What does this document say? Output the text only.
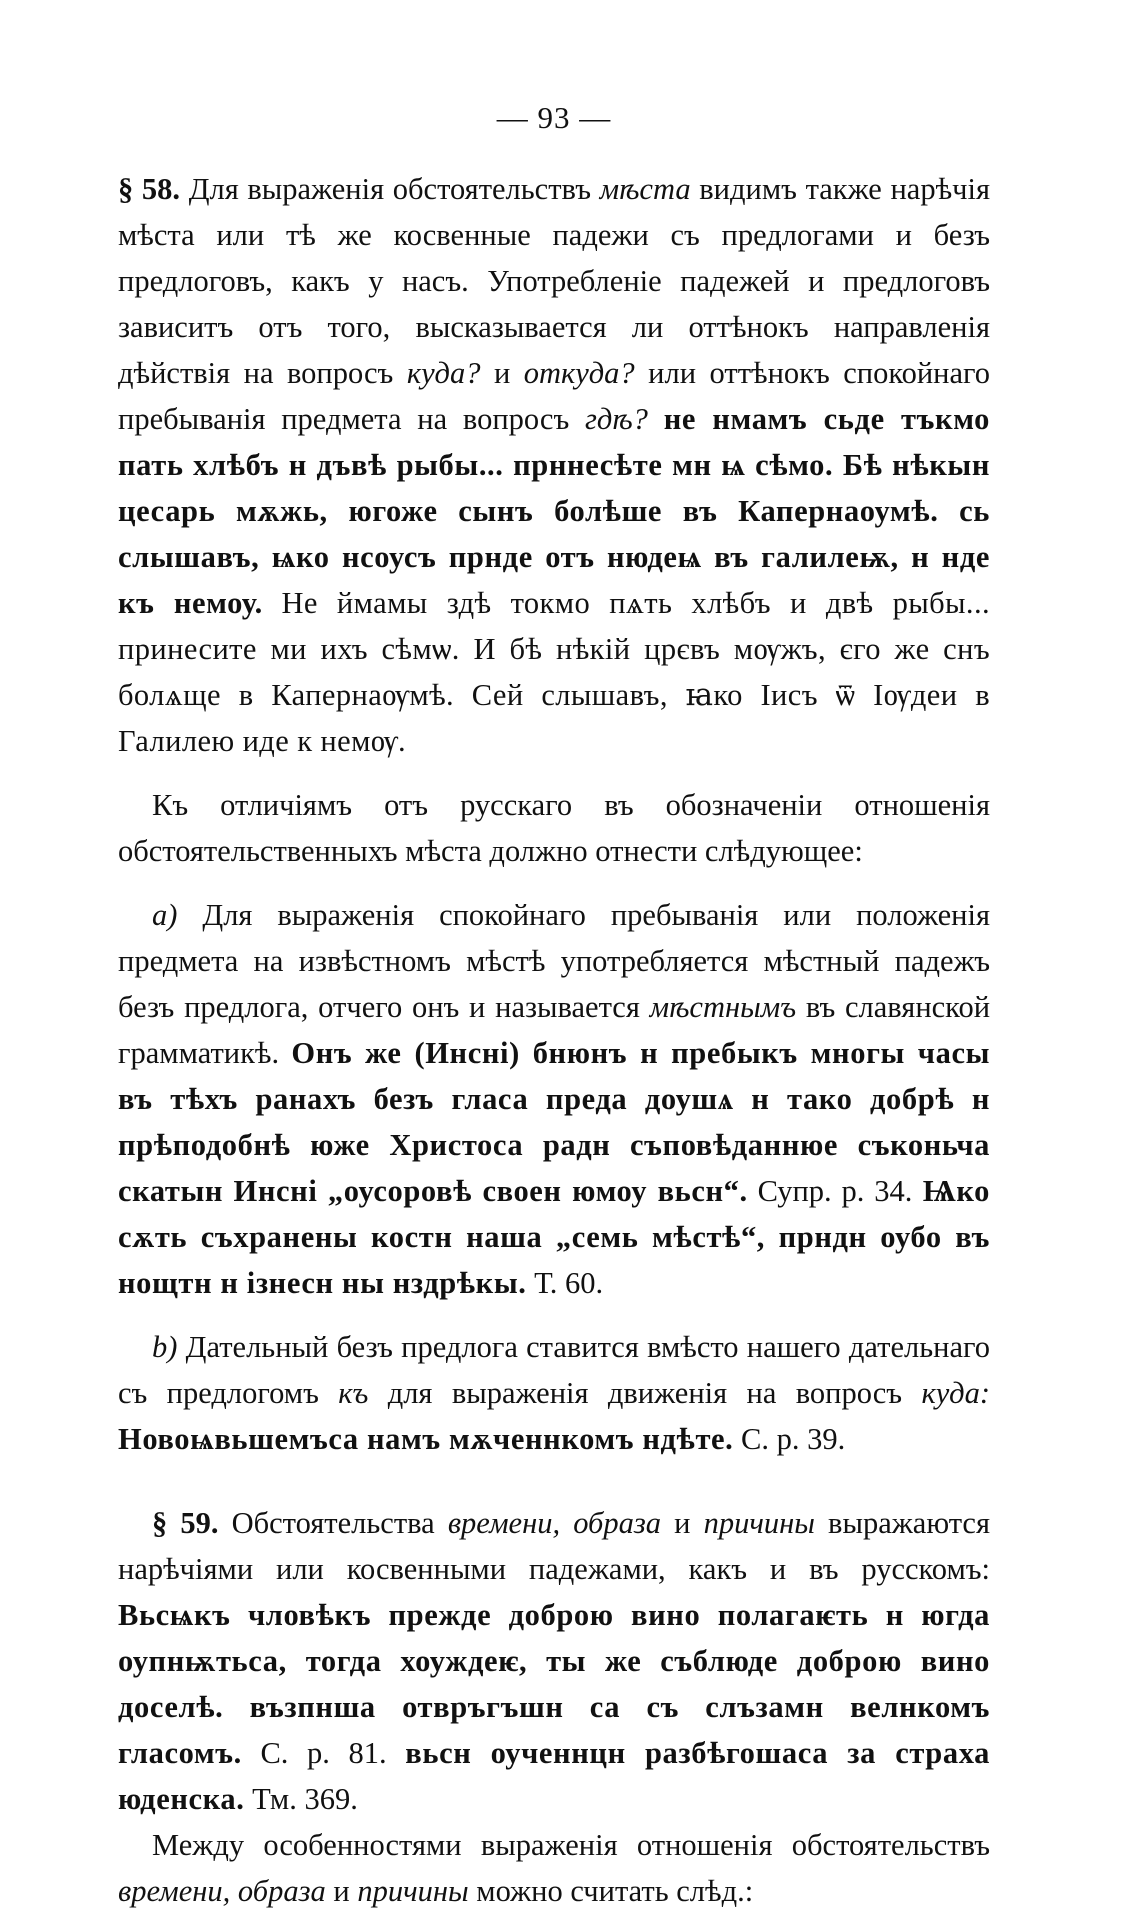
— 93 —

§ 58. Для выраженія обстоятельствъ мѣста видимъ также нарѣчія мѣста или тѣ же косвенные падежи съ предлогами и безъ предлоговъ, какъ у насъ. Употребленіе падежей и предлоговъ зависитъ отъ того, высказывается ли оттѣнокъ направленія дѣйствія на вопросъ куда? и откуда? или оттѣнокъ спокойнаго пребыванія предмета на вопросъ гдѣ? не нмамъ сьде тъкмо пать хлѣбъ н дъвѣ рыбы... прннесѣте мн ѩ сѣмо. Бѣ нѣкын цесарь мѫжь, югоже сынъ болѣше въ Капернаоумѣ. сь слышавъ, ѩко нсоусъ прнде отъ нюдеѩ въ галилеѭ, н нде къ немоу. Не ймамы здѣ токмо пѧть хлѣбъ и двѣ рыбы... принесите ми ихъ сѣмѡ. И бѣ нѣкій црєвъ мѹжъ, єго же снъ болѧще в Капернаѹмѣ. Сей слышавъ, ꙗко Іисъ ѿ Іѹдеи в Галилею иде к немѹ.

Къ отличіямъ отъ русскаго въ обозначеніи отношенія обстоятельственныхъ мѣста должно отнести слѣдующее:

a) Для выраженія спокойнаго пребыванія или положенія предмета на извѣстномъ мѣстѣ употребляется мѣстный падежъ безъ предлога, отчего онъ и называется мѣстнымъ въ славянской грамматикѣ. Онъ же (Инсні) бнюнъ н пребыкъ многы часы въ тѣхъ ранахъ безъ гласа преда доушѧ н тако добрѣ н прѣподобнѣ юже Христоса радн съповѣданнюе съконьча скатын Инсні „оусоровѣ своен юмоу вьсн“. Супр. р. 34. Ѩко сѫть съхранены костн наша „семь мѣстѣ“, прндн оубо въ нощтн н ізнесн ны нздрѣкы. Т. 60.

b) Дательный безъ предлога ставится вмѣсто нашего дательнаго съ предлогомъ къ для выраженія движенія на вопросъ куда: Новоѩвьшемъса намъ мѫченнкомъ ндѣте. С. р. 39.

§ 59. Обстоятельства времени, образа и причины выражаются нарѣчіями или косвенными падежами, какъ и въ русскомъ: Вьсѩкъ чловѣкъ прежде доброю вино полагаѥть н югда оупнѭтьса, тогда хоуждеѥ, ты же съблюде доброю вино доселѣ. възпнша отвръгъшн са съ слъзамн велнкомъ гласомъ. С. р. 81. вьсн оученнцн разбѣгошаса за страха юденска. Тм. 369.

Между особенностями выраженія отношенія обстоятельствъ времени, образа и причины можно считать слѣд.:
